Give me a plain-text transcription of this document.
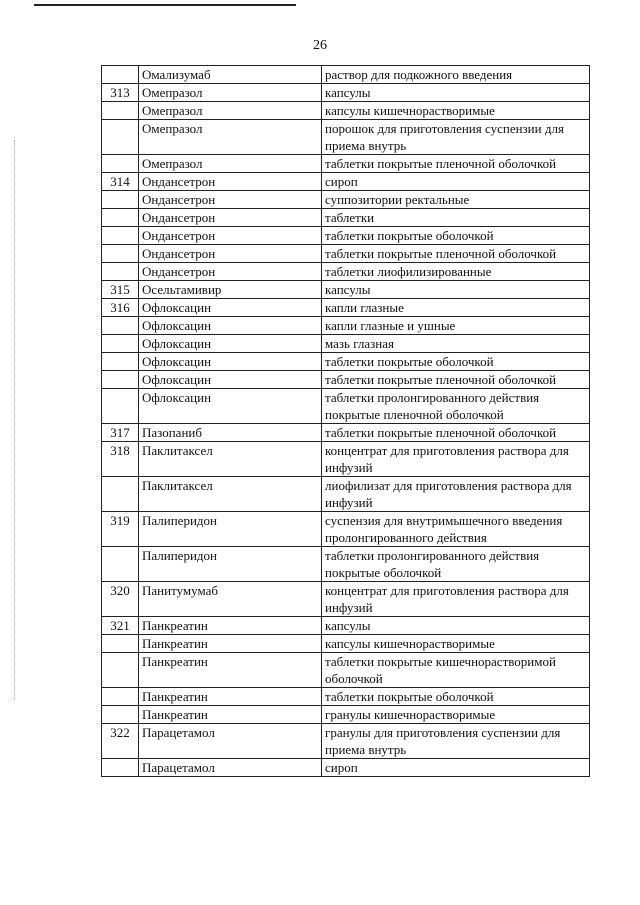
26
	Омализумаб	раствор для подкожного введения
313	Омепразол	капсулы
	Омепразол	капсулы кишечнорастворимые
	Омепразол	порошок для приготовления суспензии для приема внутрь
	Омепразол	таблетки покрытые пленочной оболочкой
314	Ондансетрон	сироп
	Ондансетрон	суппозитории ректальные
	Ондансетрон	таблетки
	Ондансетрон	таблетки покрытые оболочкой
	Ондансетрон	таблетки покрытые пленочной оболочкой
	Ондансетрон	таблетки лиофилизированные
315	Осельтамивир	капсулы
316	Офлоксацин	капли глазные
	Офлоксацин	капли глазные и ушные
	Офлоксацин	мазь глазная
	Офлоксацин	таблетки покрытые оболочкой
	Офлоксацин	таблетки покрытые пленочной оболочкой
	Офлоксацин	таблетки пролонгированного действия покрытые пленочной оболочкой
317	Пазопаниб	таблетки покрытые пленочной оболочкой
318	Паклитаксел	концентрат для приготовления раствора для инфузий
	Паклитаксел	лиофилизат для приготовления раствора для инфузий
319	Палиперидон	суспензия для внутримышечного введения пролонгированного действия
	Палиперидон	таблетки пролонгированного действия покрытые оболочкой
320	Панитумумаб	концентрат для приготовления раствора для инфузий
321	Панкреатин	капсулы
	Панкреатин	капсулы кишечнорастворимые
	Панкреатин	таблетки покрытые кишечнорастворимой оболочкой
	Панкреатин	таблетки покрытые оболочкой
	Панкреатин	гранулы кишечнорастворимые
322	Парацетамол	гранулы для приготовления суспензии для приема внутрь
	Парацетамол	сироп
